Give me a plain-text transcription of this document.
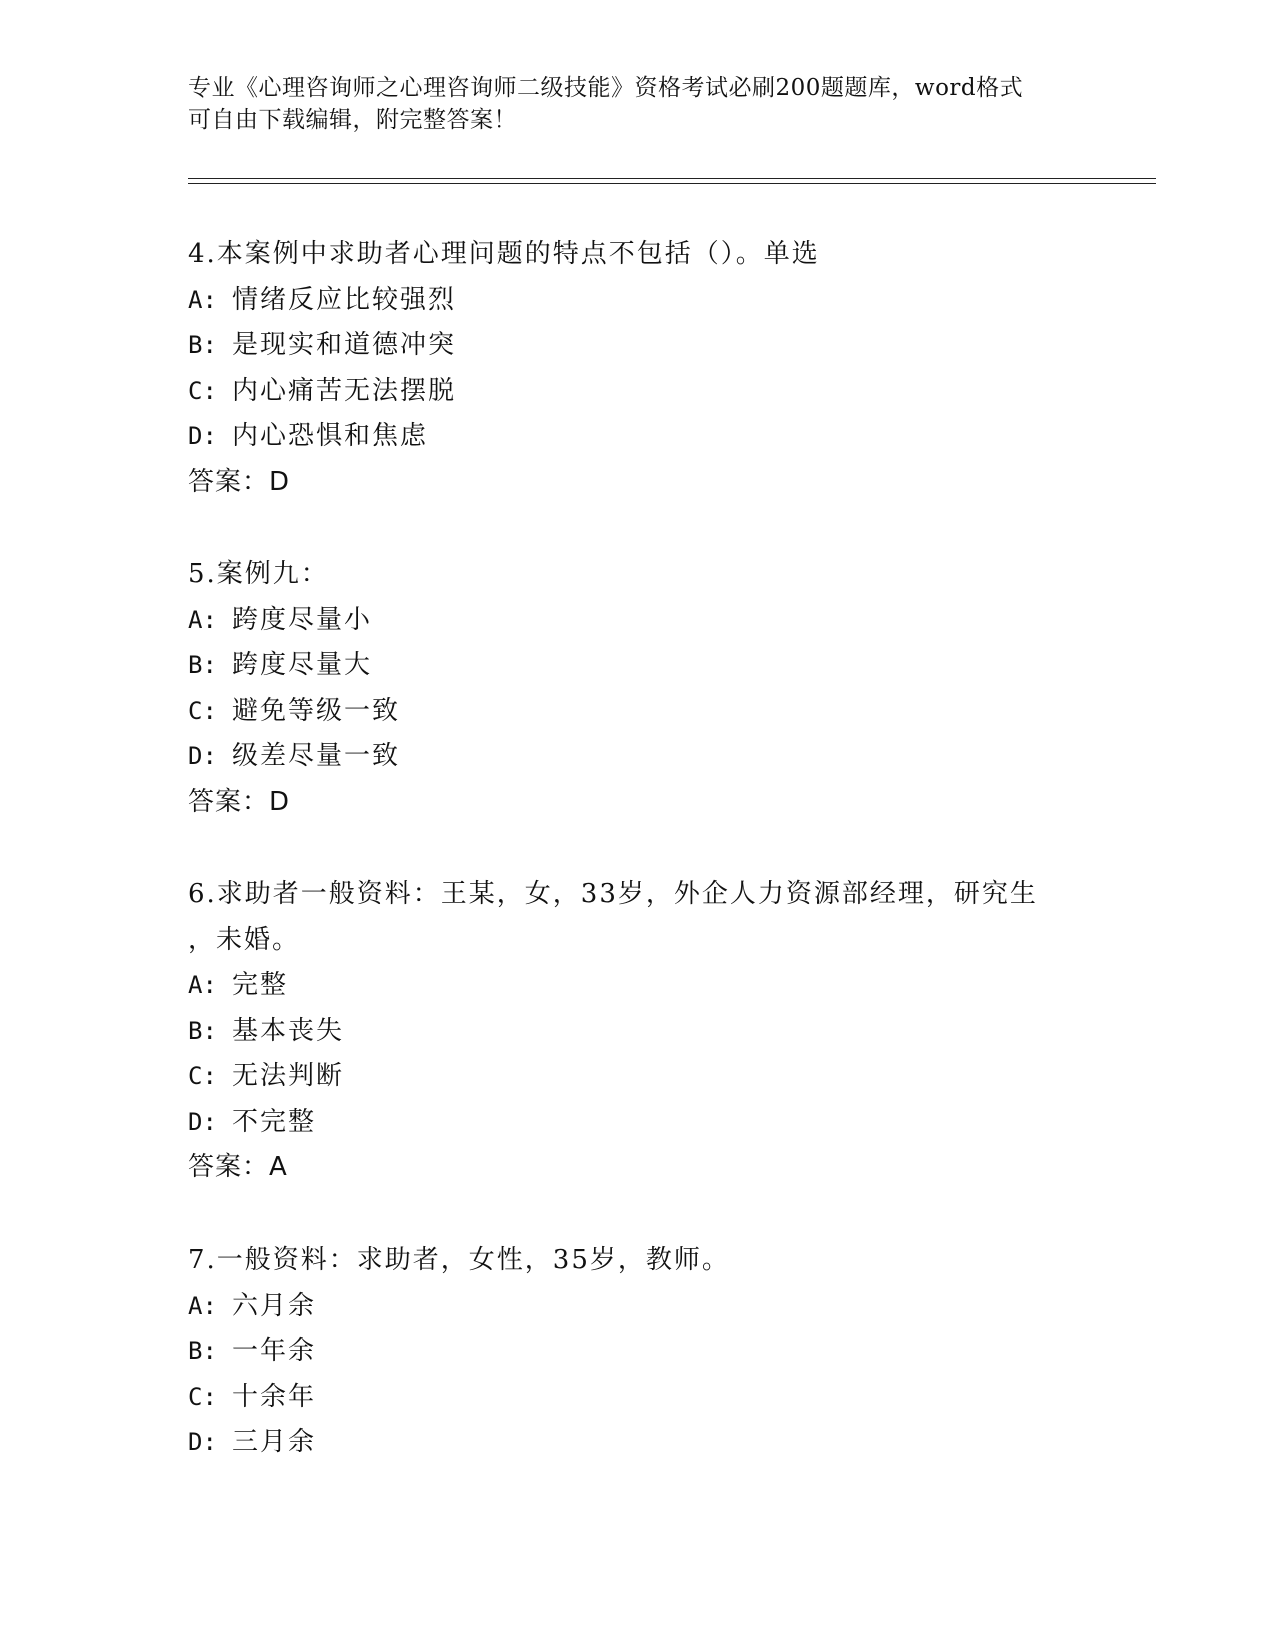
专业《心理咨询师之心理咨询师二级技能》资格考试必刷200题题库，word格式
可自由下载编辑，附完整答案！
4.本案例中求助者心理问题的特点不包括（）。单选
A: 情绪反应比较强烈
B: 是现实和道德冲突
C: 内心痛苦无法摆脱
D: 内心恐惧和焦虑
答案：D
5.案例九：
A: 跨度尽量小
B: 跨度尽量大
C: 避免等级一致
D: 级差尽量一致
答案：D
6.求助者一般资料：王某，女，33岁，外企人力资源部经理，研究生
，未婚。
A: 完整
B: 基本丧失
C: 无法判断
D: 不完整
答案：A
7.一般资料：求助者，女性，35岁，教师。
A: 六月余
B: 一年余
C: 十余年
D: 三月余
